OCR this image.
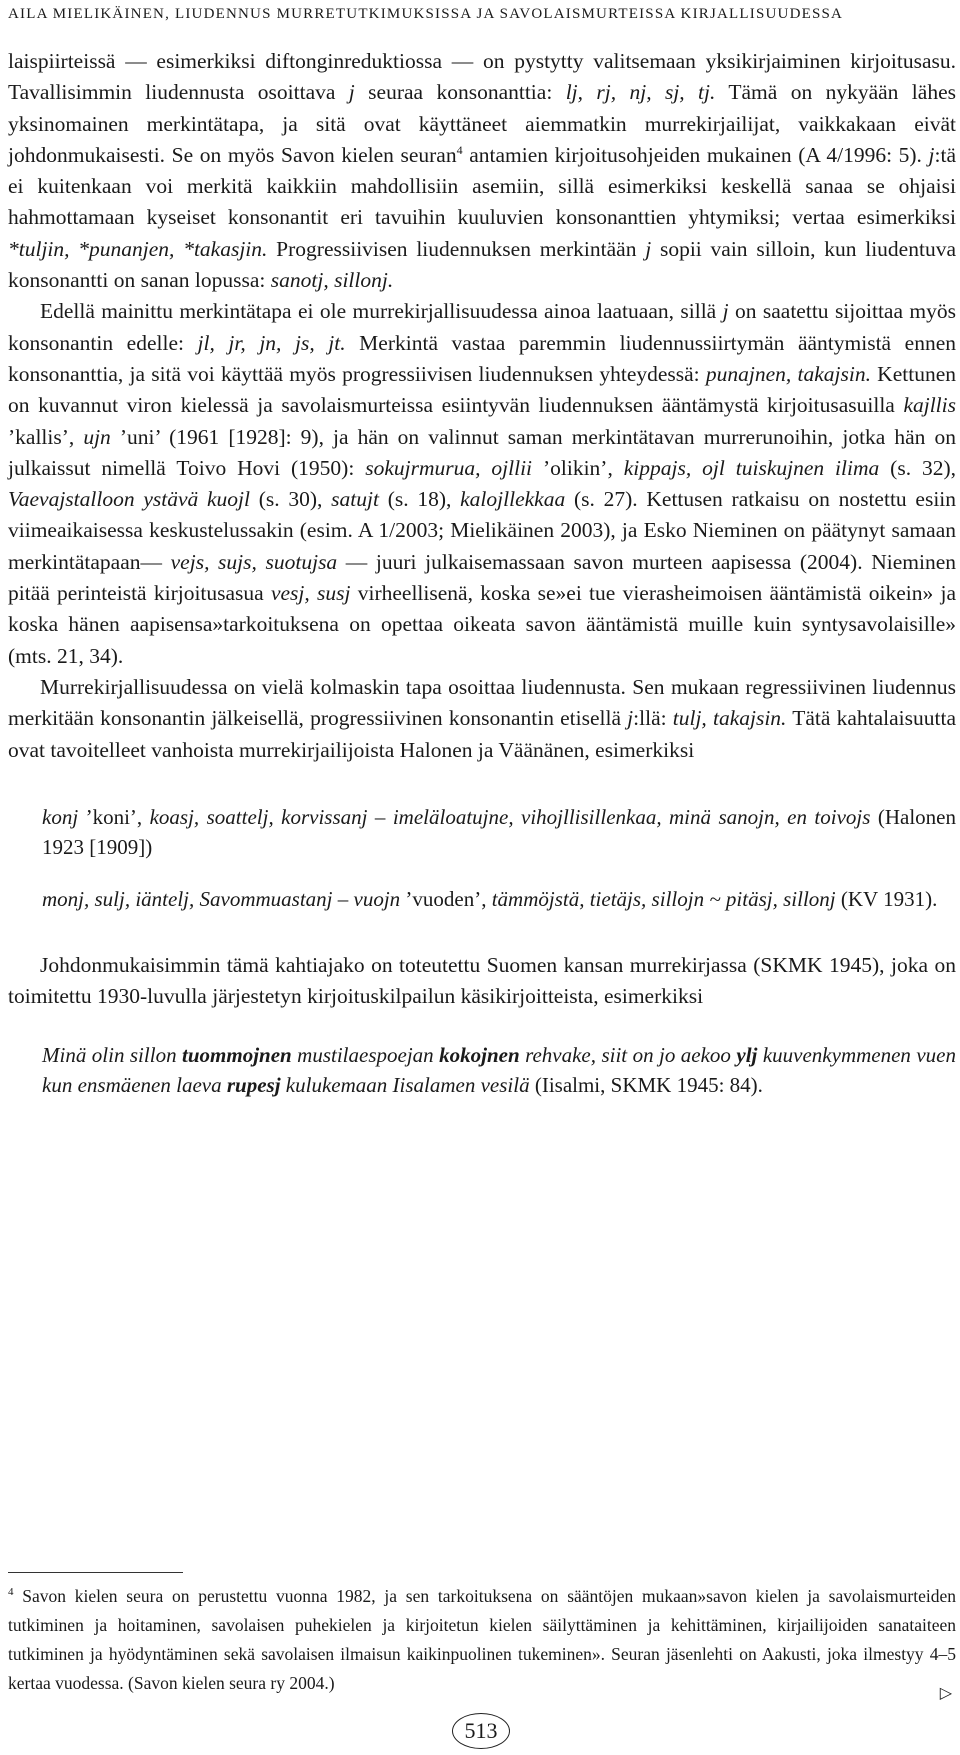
AILA MIELIKÄINEN, LIUDENNUS MURRETUTKIMUKSISSA JA SAVOLAISMURTEISSA KIRJALLISUUDESSA

laispiirteissä — esimerkiksi diftonginreduktiossa — on pystytty valitsemaan yksikirjaiminen kirjoitusasu. Tavallisimmin liudennusta osoittava j seuraa konsonanttia: lj, rj, nj, sj, tj. Tämä on nykyään lähes yksinomainen merkintätapa, ja sitä ovat käyttäneet aiemmatkin murrekirjailijat, vaikkakaan eivät johdonmukaisesti. Se on myös Savon kielen seuran$^4$ antamien kirjoitusohjeiden mukainen (A 4/1996: 5). j:tä ei kuitenkaan voi merkitä kaikkiin mahdollisiin asemiin, sillä esimerkiksi keskellä sanaa se ohjaisi hahmottamaan kyseiset konsonantit eri tavuihin kuuluvien konsonanttien yhtymiksi; vertaa esimerkiksi *tuljin, *punanjen, *takasjin. Progressiivisen liudennuksen merkintään j sopii vain silloin, kun liudentuva konsonantti on sanan lopussa: sanotj, sillonj.

Edellä mainittu merkintätapa ei ole murrekirjallisuudessa ainoa laatuaan, sillä j on saatettu sijoittaa myös konsonantin edelle: jl, jr, jn, js, jt. Merkintä vastaa paremmin liudennussiirtymän ääntymistä ennen konsonanttia, ja sitä voi käyttää myös progressiivisen liudennuksen yhteydessä: punajnen, takajsin. Kettunen on kuvannut viron kielessä ja savolaismurteissa esiintyvän liudennuksen ääntämystä kirjoitusasuilla kajllis ’kallis’, ujn ’uni’ (1961 [1928]: 9), ja hän on valinnut saman merkintätavan murrerunoihin, jotka hän on julkaissut nimellä Toivo Hovi (1950): sokujrmurua, ojllii ’olikin’, kippajs, ojl tuiskujnen ilima (s. 32), Vaevajstalloon ystävä kuojl (s. 30), satujt (s. 18), kalojllekkaa (s. 27). Kettusen ratkaisu on nostettu esiin viimeaikaisessa keskustelussakin (esim. A 1/2003; Mielikäinen 2003), ja Esko Nieminen on päätynyt samaan merkintätapaan— vejs, sujs, suotujsa — juuri julkaisemassaan savon murteen aapisessa (2004). Nieminen pitää perinteistä kirjoitusasua vesj, susj virheellisenä, koska se»ei tue vierasheimoisen ääntämistä oikein» ja koska hänen aapisensa»tarkoituksena on opettaa oikeata savon ääntämistä muille kuin syntysavolaisille» (mts. 21, 34).

Murrekirjallisuudessa on vielä kolmaskin tapa osoittaa liudennusta. Sen mukaan regressiivinen liudennus merkitään konsonantin jälkeisellä, progressiivinen konsonantin etisellä j:llä: tulj, takajsin. Tätä kahtalaisuutta ovat tavoitelleet vanhoista murrekirjailijoista Halonen ja Väänänen, esimerkiksi

konj ’koni’, koasj, soattelj, korvissanj – imeläloatujne, vihojllisillenkaa, minä sanojn, en toivojs (Halonen 1923 [1909])

monj, sulj, iäntelj, Savommuastanj – vuojn ’vuoden’, tämmöjstä, tietäjs, sillojn ~ pitäsj, sillonj (KV 1931).

Johdonmukaisimmin tämä kahtiajako on toteutettu Suomen kansan murrekirjassa (SKMK 1945), joka on toimitettu 1930-luvulla järjestetyn kirjoituskilpailun käsikirjoitteista, esimerkiksi

Minä olin sillon tuommojnen mustilaespoejan kokojnen rehvake, siit on jo aekoo ylj kuuvenkymmenen vuen kun ensmäenen laeva rupesj kulukemaan Iisalamen vesilä (Iisalmi, SKMK 1945: 84).

$^4$ Savon kielen seura on perustettu vuonna 1982, ja sen tarkoituksena on sääntöjen mukaan»savon kielen ja savolaismurteiden tutkiminen ja hoitaminen, savolaisen puhekielen ja kirjoitetun kielen säilyttäminen ja kehittäminen, kirjailijoiden sanataiteen tutkiminen ja hyödyntäminen sekä savolaisen ilmaisun kaikinpuolinen tukeminen». Seuran jäsenlehti on Aakusti, joka ilmestyy 4–5 kertaa vuodessa. (Savon kielen seura ry 2004.)
▷
513
